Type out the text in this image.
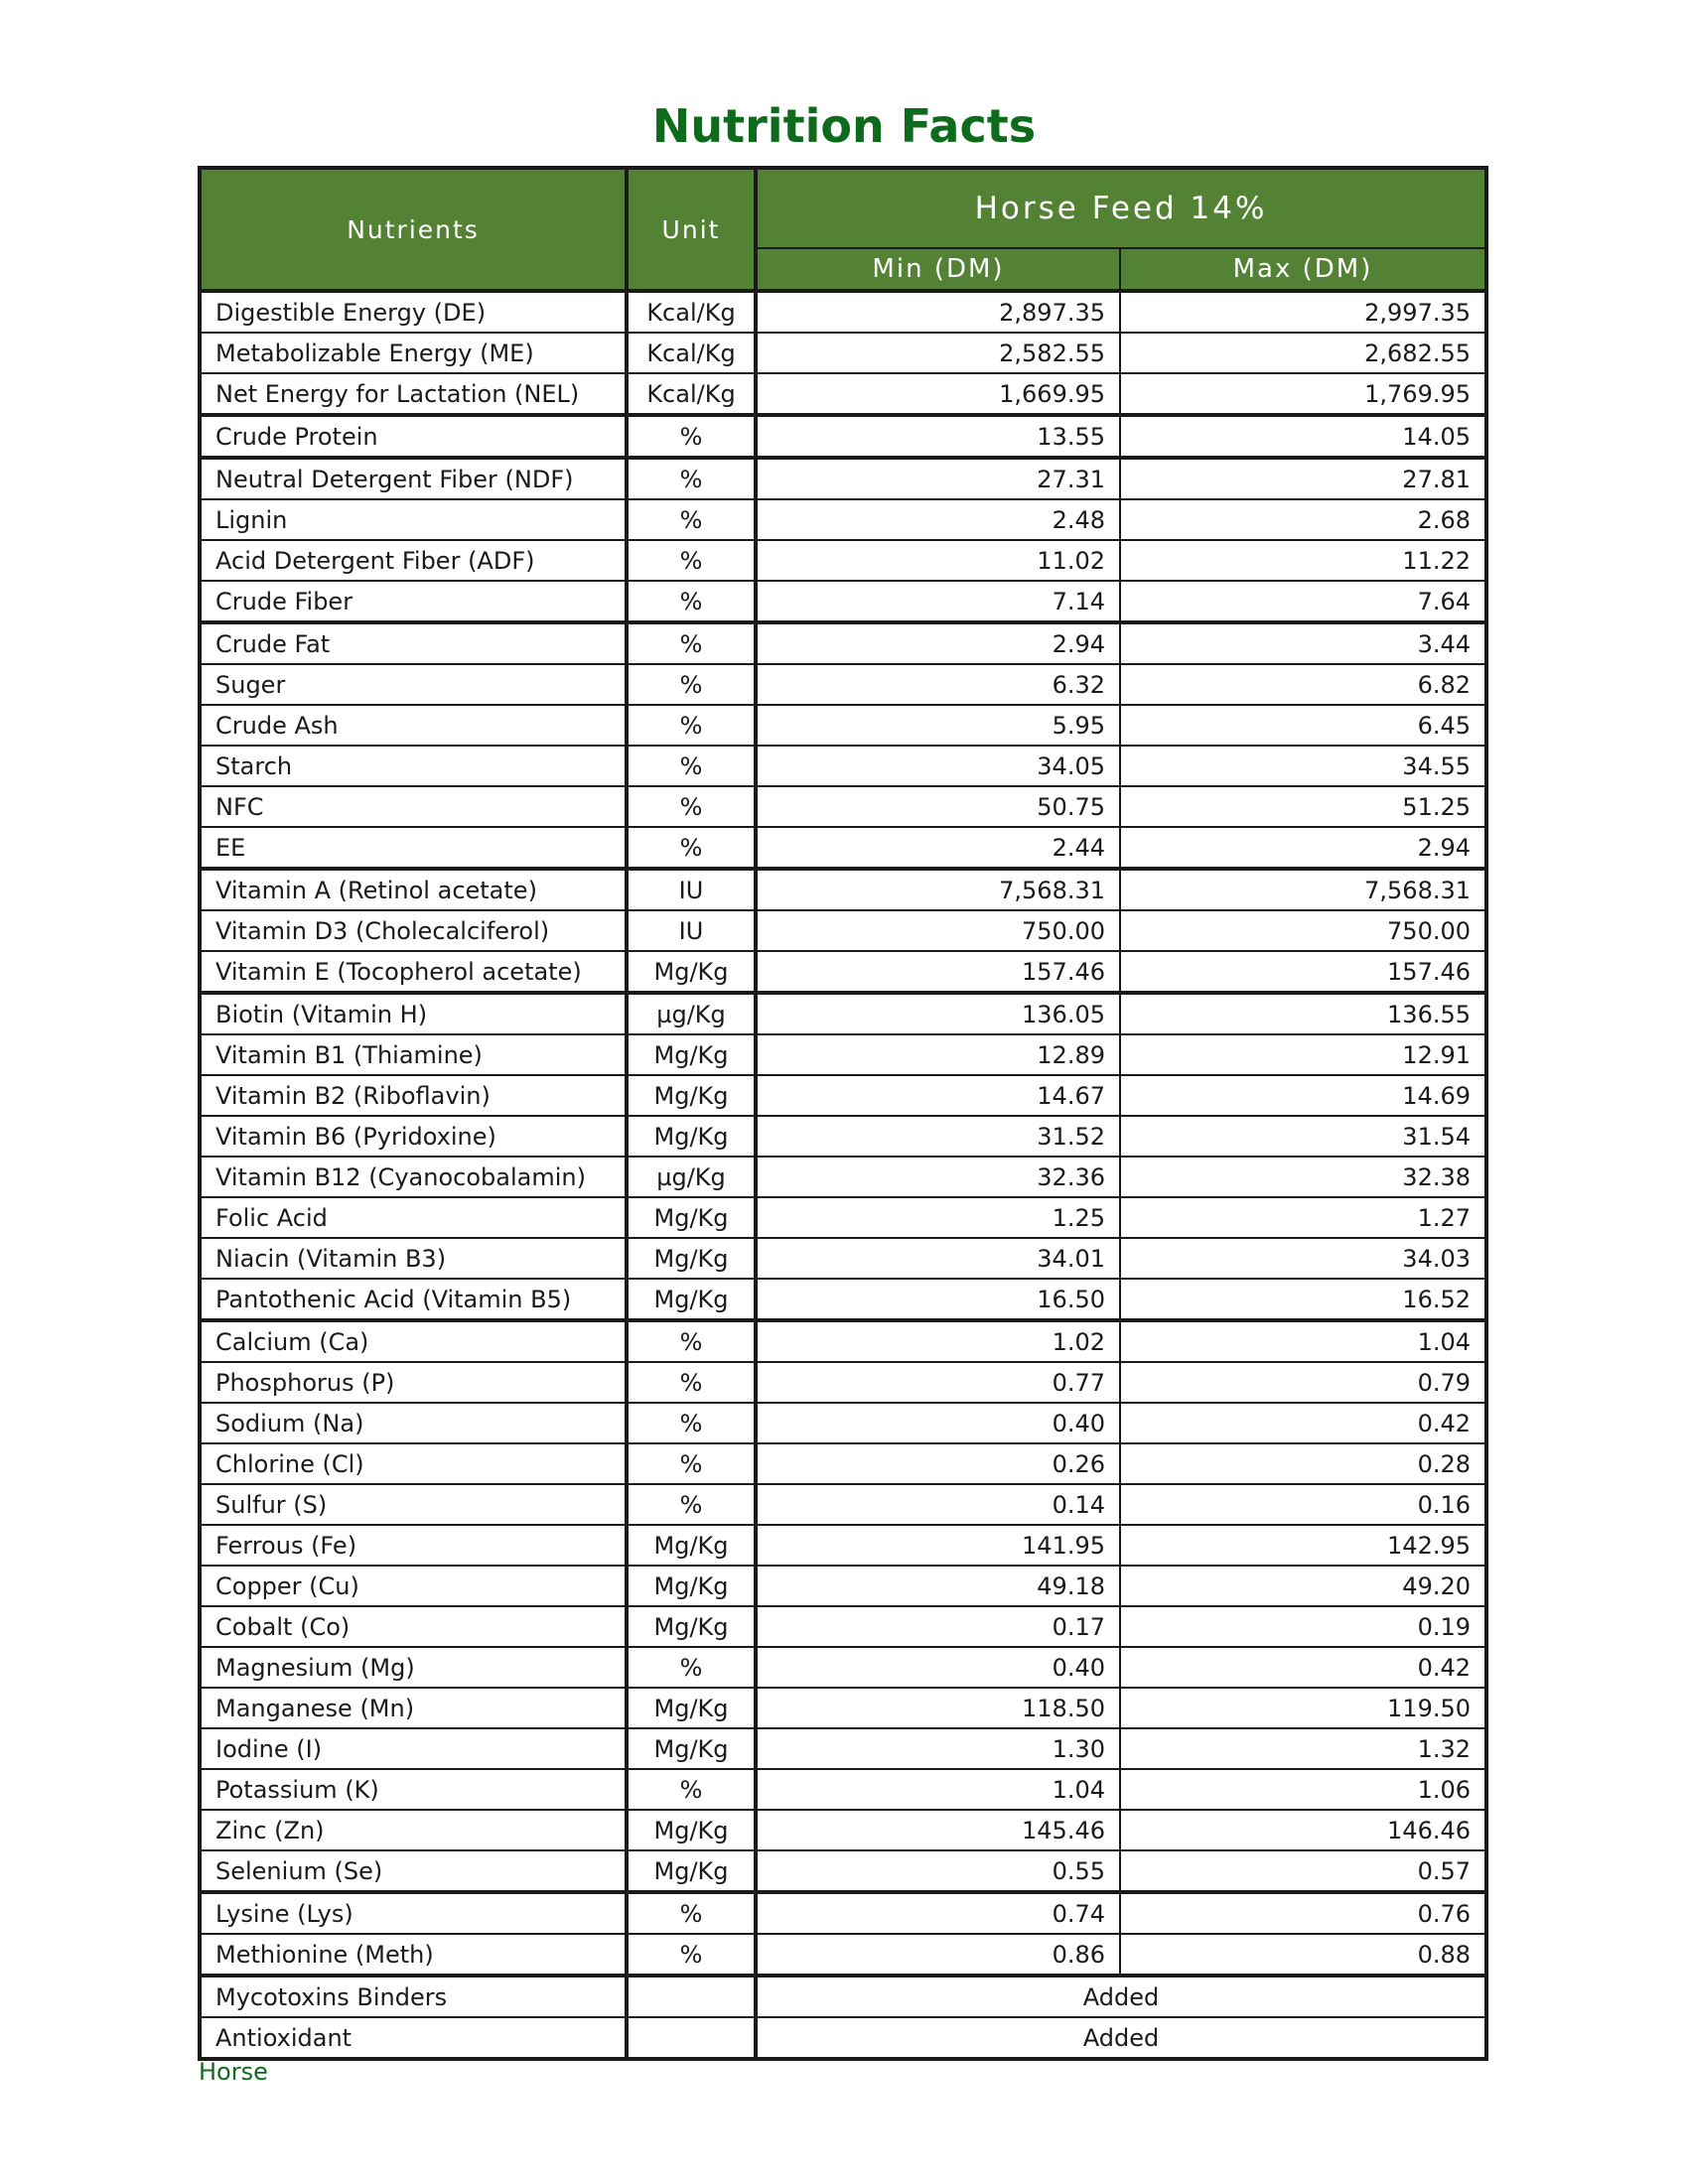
Nutrition Facts
Nutrients	Unit	Horse Feed 14%	
		Min (DM)	Max (DM)
Digestible Energy (DE)	Kcal/Kg	2,897.35	2,997.35
Metabolizable Energy (ME)	Kcal/Kg	2,582.55	2,682.55
Net Energy for Lactation (NEL)	Kcal/Kg	1,669.95	1,769.95
Crude Protein	%	13.55	14.05
Neutral Detergent Fiber (NDF)	%	27.31	27.81
Lignin	%	2.48	2.68
Acid Detergent Fiber (ADF)	%	11.02	11.22
Crude Fiber	%	7.14	7.64
Crude Fat	%	2.94	3.44
Suger	%	6.32	6.82
Crude Ash	%	5.95	6.45
Starch	%	34.05	34.55
NFC	%	50.75	51.25
EE	%	2.44	2.94
Vitamin A (Retinol acetate)	IU	7,568.31	7,568.31
Vitamin D3 (Cholecalciferol)	IU	750.00	750.00
Vitamin E (Tocopherol acetate)	Mg/Kg	157.46	157.46
Biotin (Vitamin H)	µg/Kg	136.05	136.55
Vitamin B1 (Thiamine)	Mg/Kg	12.89	12.91
Vitamin B2 (Riboflavin)	Mg/Kg	14.67	14.69
Vitamin B6 (Pyridoxine)	Mg/Kg	31.52	31.54
Vitamin B12 (Cyanocobalamin)	µg/Kg	32.36	32.38
Folic Acid	Mg/Kg	1.25	1.27
Niacin (Vitamin B3)	Mg/Kg	34.01	34.03
Pantothenic Acid (Vitamin B5)	Mg/Kg	16.50	16.52
Calcium (Ca)	%	1.02	1.04
Phosphorus (P)	%	0.77	0.79
Sodium (Na)	%	0.40	0.42
Chlorine (Cl)	%	0.26	0.28
Sulfur (S)	%	0.14	0.16
Ferrous (Fe)	Mg/Kg	141.95	142.95
Copper (Cu)	Mg/Kg	49.18	49.20
Cobalt (Co)	Mg/Kg	0.17	0.19
Magnesium (Mg)	%	0.40	0.42
Manganese (Mn)	Mg/Kg	118.50	119.50
Iodine (I)	Mg/Kg	1.30	1.32
Potassium (K)	%	1.04	1.06
Zinc (Zn)	Mg/Kg	145.46	146.46
Selenium (Se)	Mg/Kg	0.55	0.57
Lysine (Lys)	%	0.74	0.76
Methionine (Meth)	%	0.86	0.88
Mycotoxins Binders		Added	
Antioxidant		Added	
Horse
